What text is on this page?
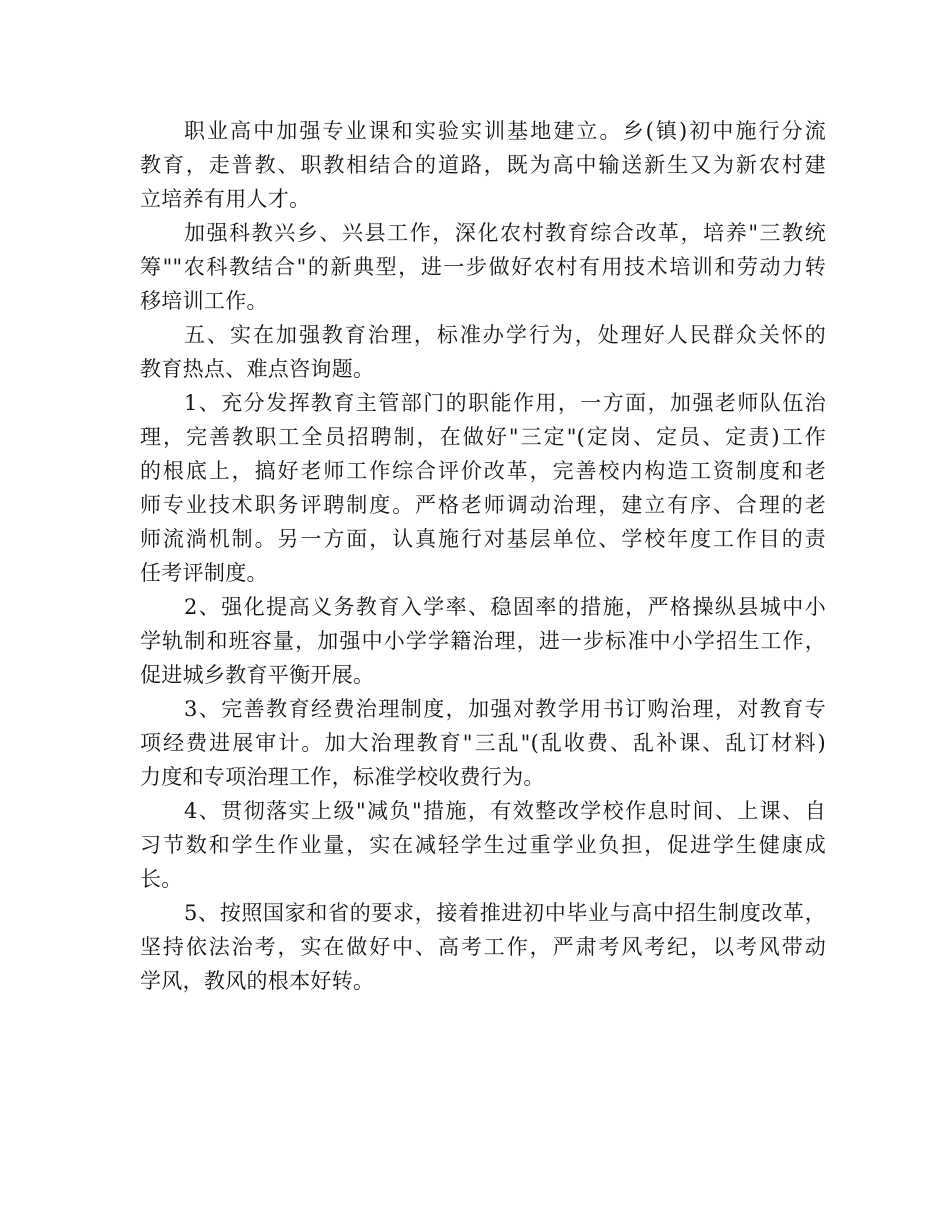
职业高中加强专业课和实验实训基地建立。乡(镇)初中施行分流
教育，走普教、职教相结合的道路，既为高中输送新生又为新农村建
立培养有用人才。
加强科教兴乡、兴县工作，深化农村教育综合改革，培养"三教统
筹""农科教结合"的新典型，进一步做好农村有用技术培训和劳动力转
移培训工作。
五、实在加强教育治理，标准办学行为，处理好人民群众关怀的
教育热点、难点咨询题。
1、充分发挥教育主管部门的职能作用，一方面，加强老师队伍治
理，完善教职工全员招聘制，在做好"三定"(定岗、定员、定责)工作
的根底上，搞好老师工作综合评价改革，完善校内构造工资制度和老
师专业技术职务评聘制度。严格老师调动治理，建立有序、合理的老
师流淌机制。另一方面，认真施行对基层单位、学校年度工作目的责
任考评制度。
2、强化提高义务教育入学率、稳固率的措施，严格操纵县城中小
学轨制和班容量，加强中小学学籍治理，进一步标准中小学招生工作，
促进城乡教育平衡开展。
3、完善教育经费治理制度，加强对教学用书订购治理，对教育专
项经费进展审计。加大治理教育"三乱"(乱收费、乱补课、乱订材料)
力度和专项治理工作，标准学校收费行为。
4、贯彻落实上级"减负"措施，有效整改学校作息时间、上课、自
习节数和学生作业量，实在减轻学生过重学业负担，促进学生健康成
长。
5、按照国家和省的要求，接着推进初中毕业与高中招生制度改革，
坚持依法治考，实在做好中、高考工作，严肃考风考纪，以考风带动
学风，教风的根本好转。
